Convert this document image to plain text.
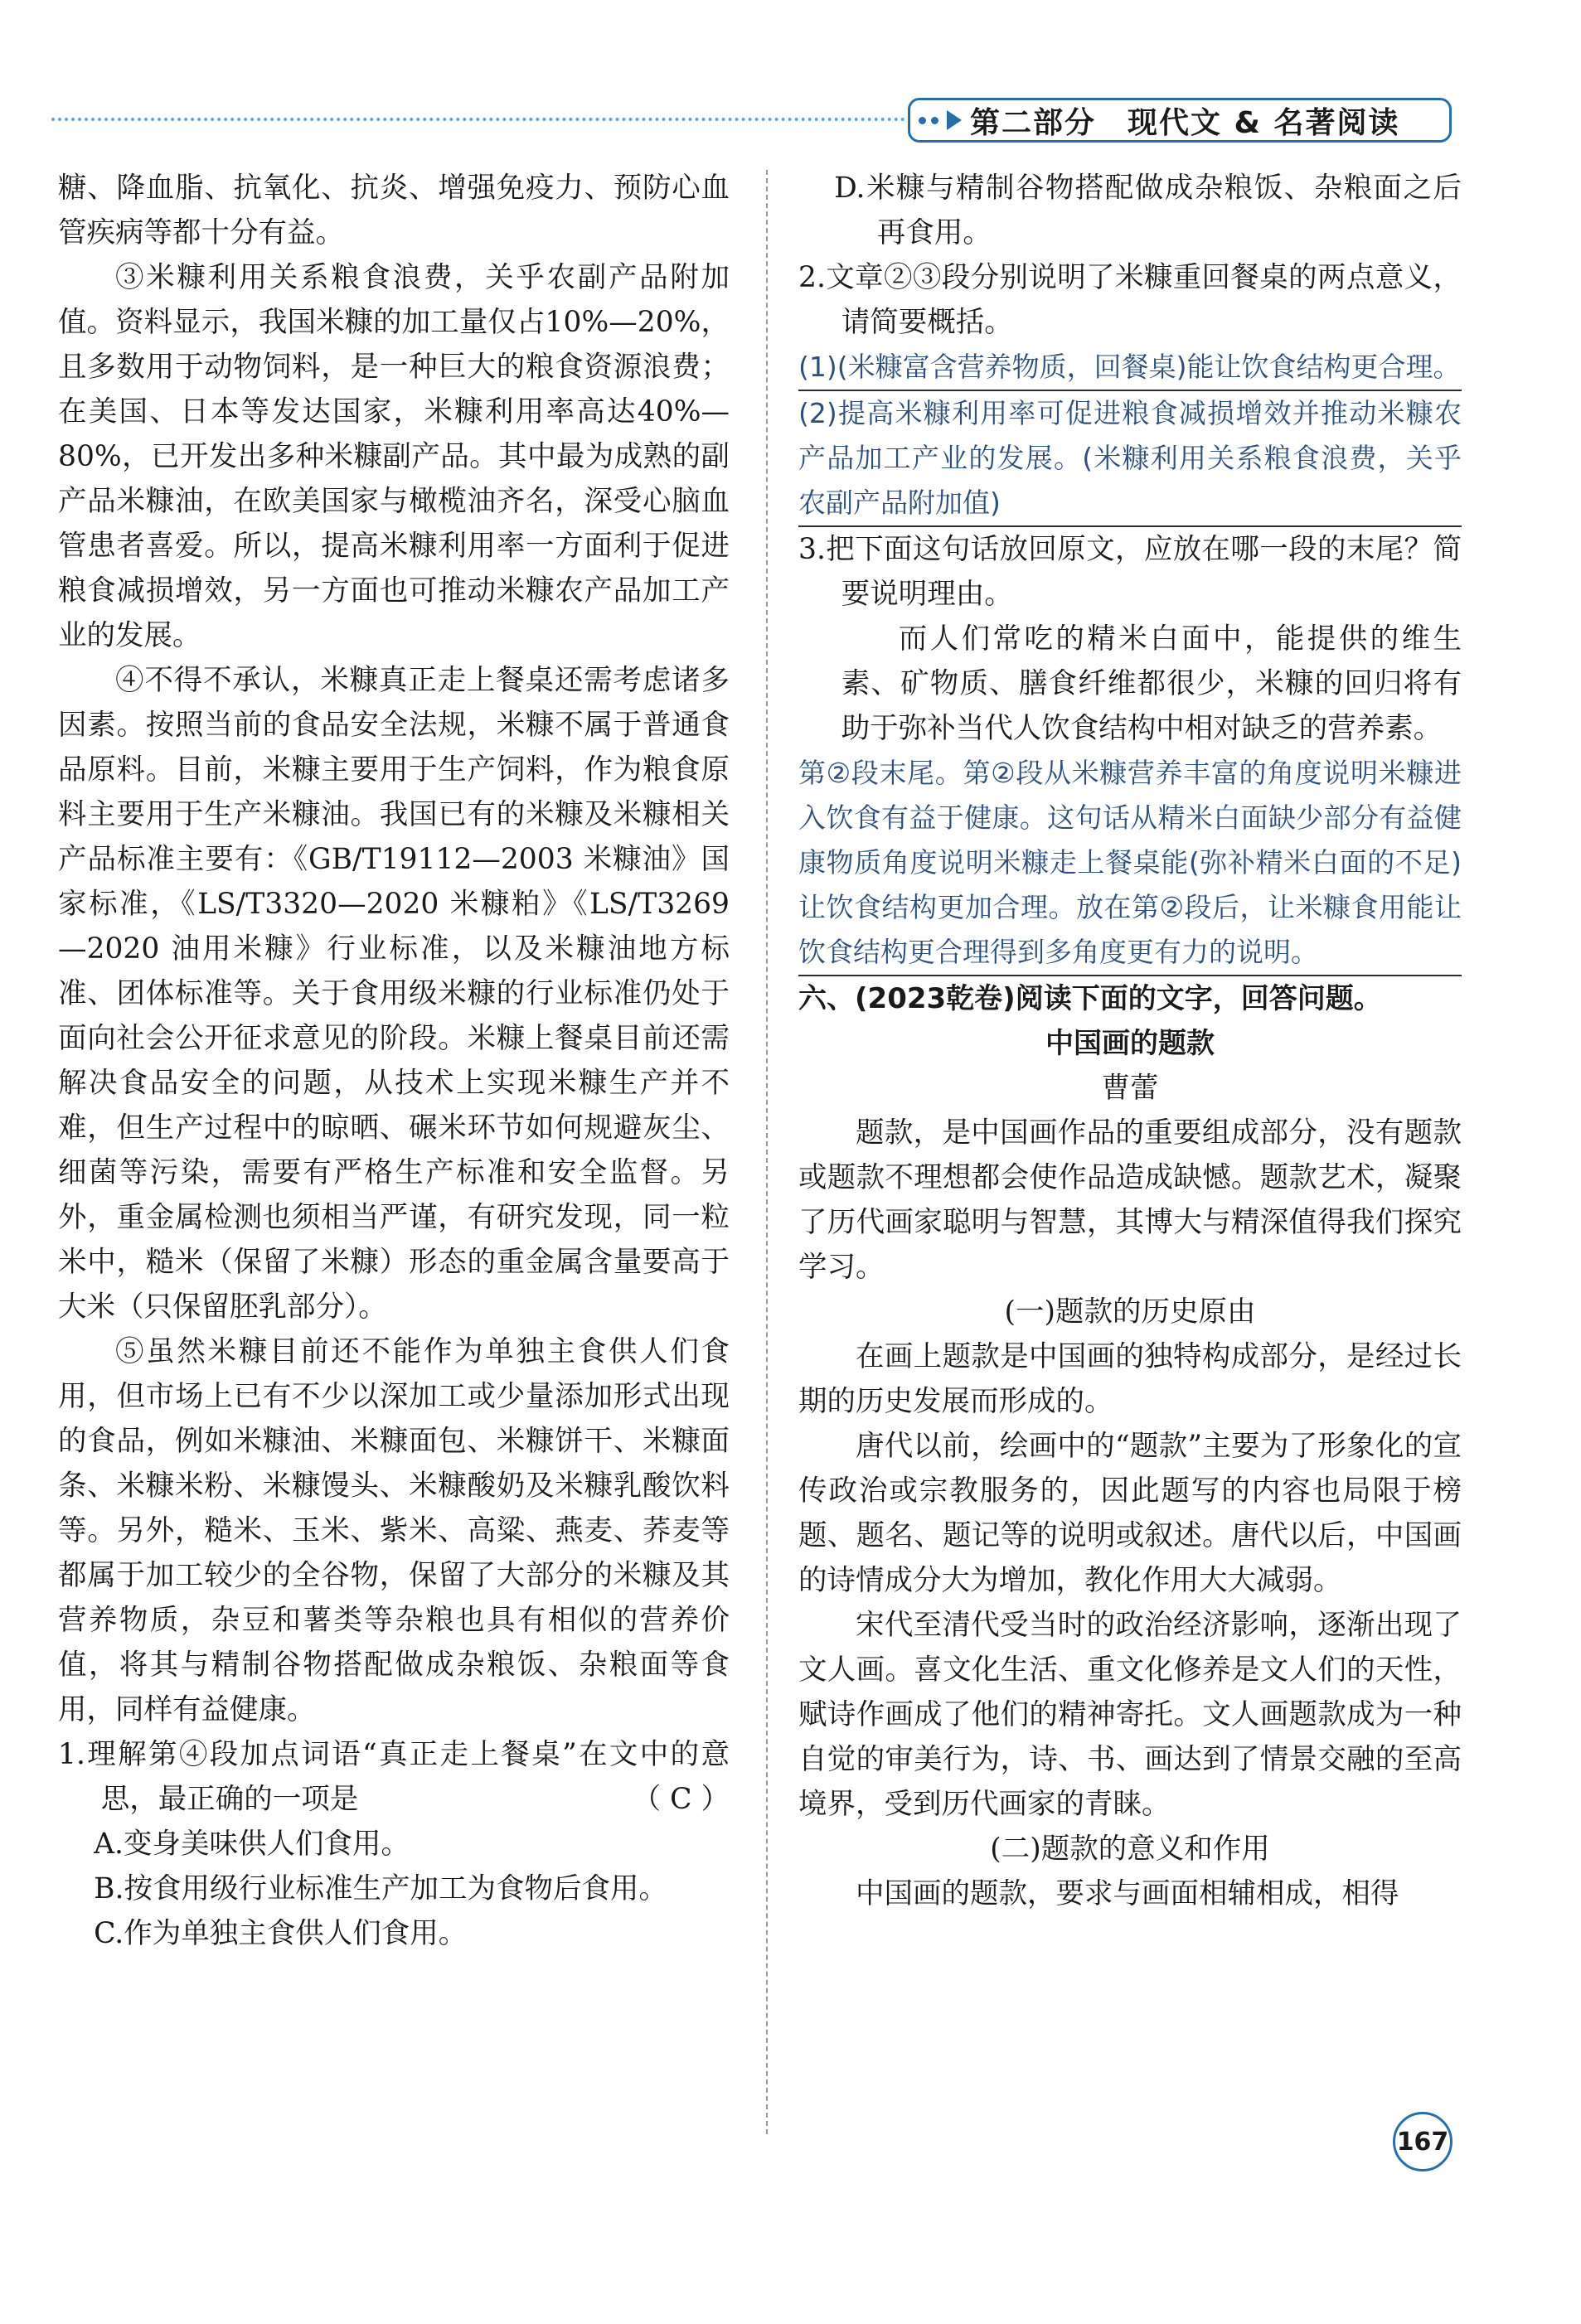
第二部分　现代文 & 名著阅读

糖、降血脂、抗氧化、抗炎、增强免疫力、预防心血管疾病等都十分有益。

③米糠利用关系粮食浪费，关乎农副产品附加值。资料显示，我国米糠的加工量仅占10%—20%，且多数用于动物饲料，是一种巨大的粮食资源浪费；在美国、日本等发达国家，米糠利用率高达40%—80%，已开发出多种米糠副产品。其中最为成熟的副产品米糠油，在欧美国家与橄榄油齐名，深受心脑血管患者喜爱。所以，提高米糠利用率一方面利于促进粮食减损增效，另一方面也可推动米糠农产品加工产业的发展。

④不得不承认，米糠真正走上餐桌还需考虑诸多因素。按照当前的食品安全法规，米糠不属于普通食品原料。目前，米糠主要用于生产饲料，作为粮食原料主要用于生产米糠油。我国已有的米糠及米糠相关产品标准主要有：《GB/T19112—2003 米糠油》国家标准，《LS/T3320—2020 米糠粕》《LS/T3269—2020 油用米糠》行业标准，以及米糠油地方标准、团体标准等。关于食用级米糠的行业标准仍处于面向社会公开征求意见的阶段。米糠上餐桌目前还需解决食品安全的问题，从技术上实现米糠生产并不难，但生产过程中的晾晒、碾米环节如何规避灰尘、细菌等污染，需要有严格生产标准和安全监督。另外，重金属检测也须相当严谨，有研究发现，同一粒米中，糙米（保留了米糠）形态的重金属含量要高于大米（只保留胚乳部分）。

⑤虽然米糠目前还不能作为单独主食供人们食用，但市场上已有不少以深加工或少量添加形式出现的食品，例如米糠油、米糠面包、米糠饼干、米糠面条、米糠米粉、米糠馒头、米糠酸奶及米糠乳酸饮料等。另外，糙米、玉米、紫米、高粱、燕麦、荞麦等都属于加工较少的全谷物，保留了大部分的米糠及其营养物质，杂豆和薯类等杂粮也具有相似的营养价值，将其与精制谷物搭配做成杂粮饭、杂粮面等食用，同样有益健康。

1.理解第④段加点词语“真正走上餐桌”在文中的意思，最正确的一项是	（ C ）

A.变身美味供人们食用。

B.按食用级行业标准生产加工为食物后食用。

C.作为单独主食供人们食用。

D.米糠与精制谷物搭配做成杂粮饭、杂粮面之后再食用。

2.文章②③段分别说明了米糠重回餐桌的两点意义，请简要概括。

(1)(米糠富含营养物质，回餐桌)能让饮食结构更合理。

(2)提高米糠利用率可促进粮食减损增效并推动米糠农产品加工产业的发展。(米糠利用关系粮食浪费，关乎农副产品附加值)

3.把下面这句话放回原文，应放在哪一段的末尾？简要说明理由。

而人们常吃的精米白面中，能提供的维生素、矿物质、膳食纤维都很少，米糠的回归将有助于弥补当代人饮食结构中相对缺乏的营养素。

第②段末尾。第②段从米糠营养丰富的角度说明米糠进入饮食有益于健康。这句话从精米白面缺少部分有益健康物质角度说明米糠走上餐桌能(弥补精米白面的不足)让饮食结构更加合理。放在第②段后，让米糠食用能让饮食结构更合理得到多角度更有力的说明。

六、(2023乾卷)阅读下面的文字，回答问题。

中国画的题款

曹蕾

题款，是中国画作品的重要组成部分，没有题款或题款不理想都会使作品造成缺憾。题款艺术，凝聚了历代画家聪明与智慧，其博大与精深值得我们探究学习。

(一)题款的历史原由

在画上题款是中国画的独特构成部分，是经过长期的历史发展而形成的。

唐代以前，绘画中的“题款”主要为了形象化的宣传政治或宗教服务的，因此题写的内容也局限于榜题、题名、题记等的说明或叙述。唐代以后，中国画的诗情成分大为增加，教化作用大大减弱。

宋代至清代受当时的政治经济影响，逐渐出现了文人画。喜文化生活、重文化修养是文人们的天性，赋诗作画成了他们的精神寄托。文人画题款成为一种自觉的审美行为，诗、书、画达到了情景交融的至高境界，受到历代画家的青睐。

(二)题款的意义和作用

中国画的题款，要求与画面相辅相成，相得

167
